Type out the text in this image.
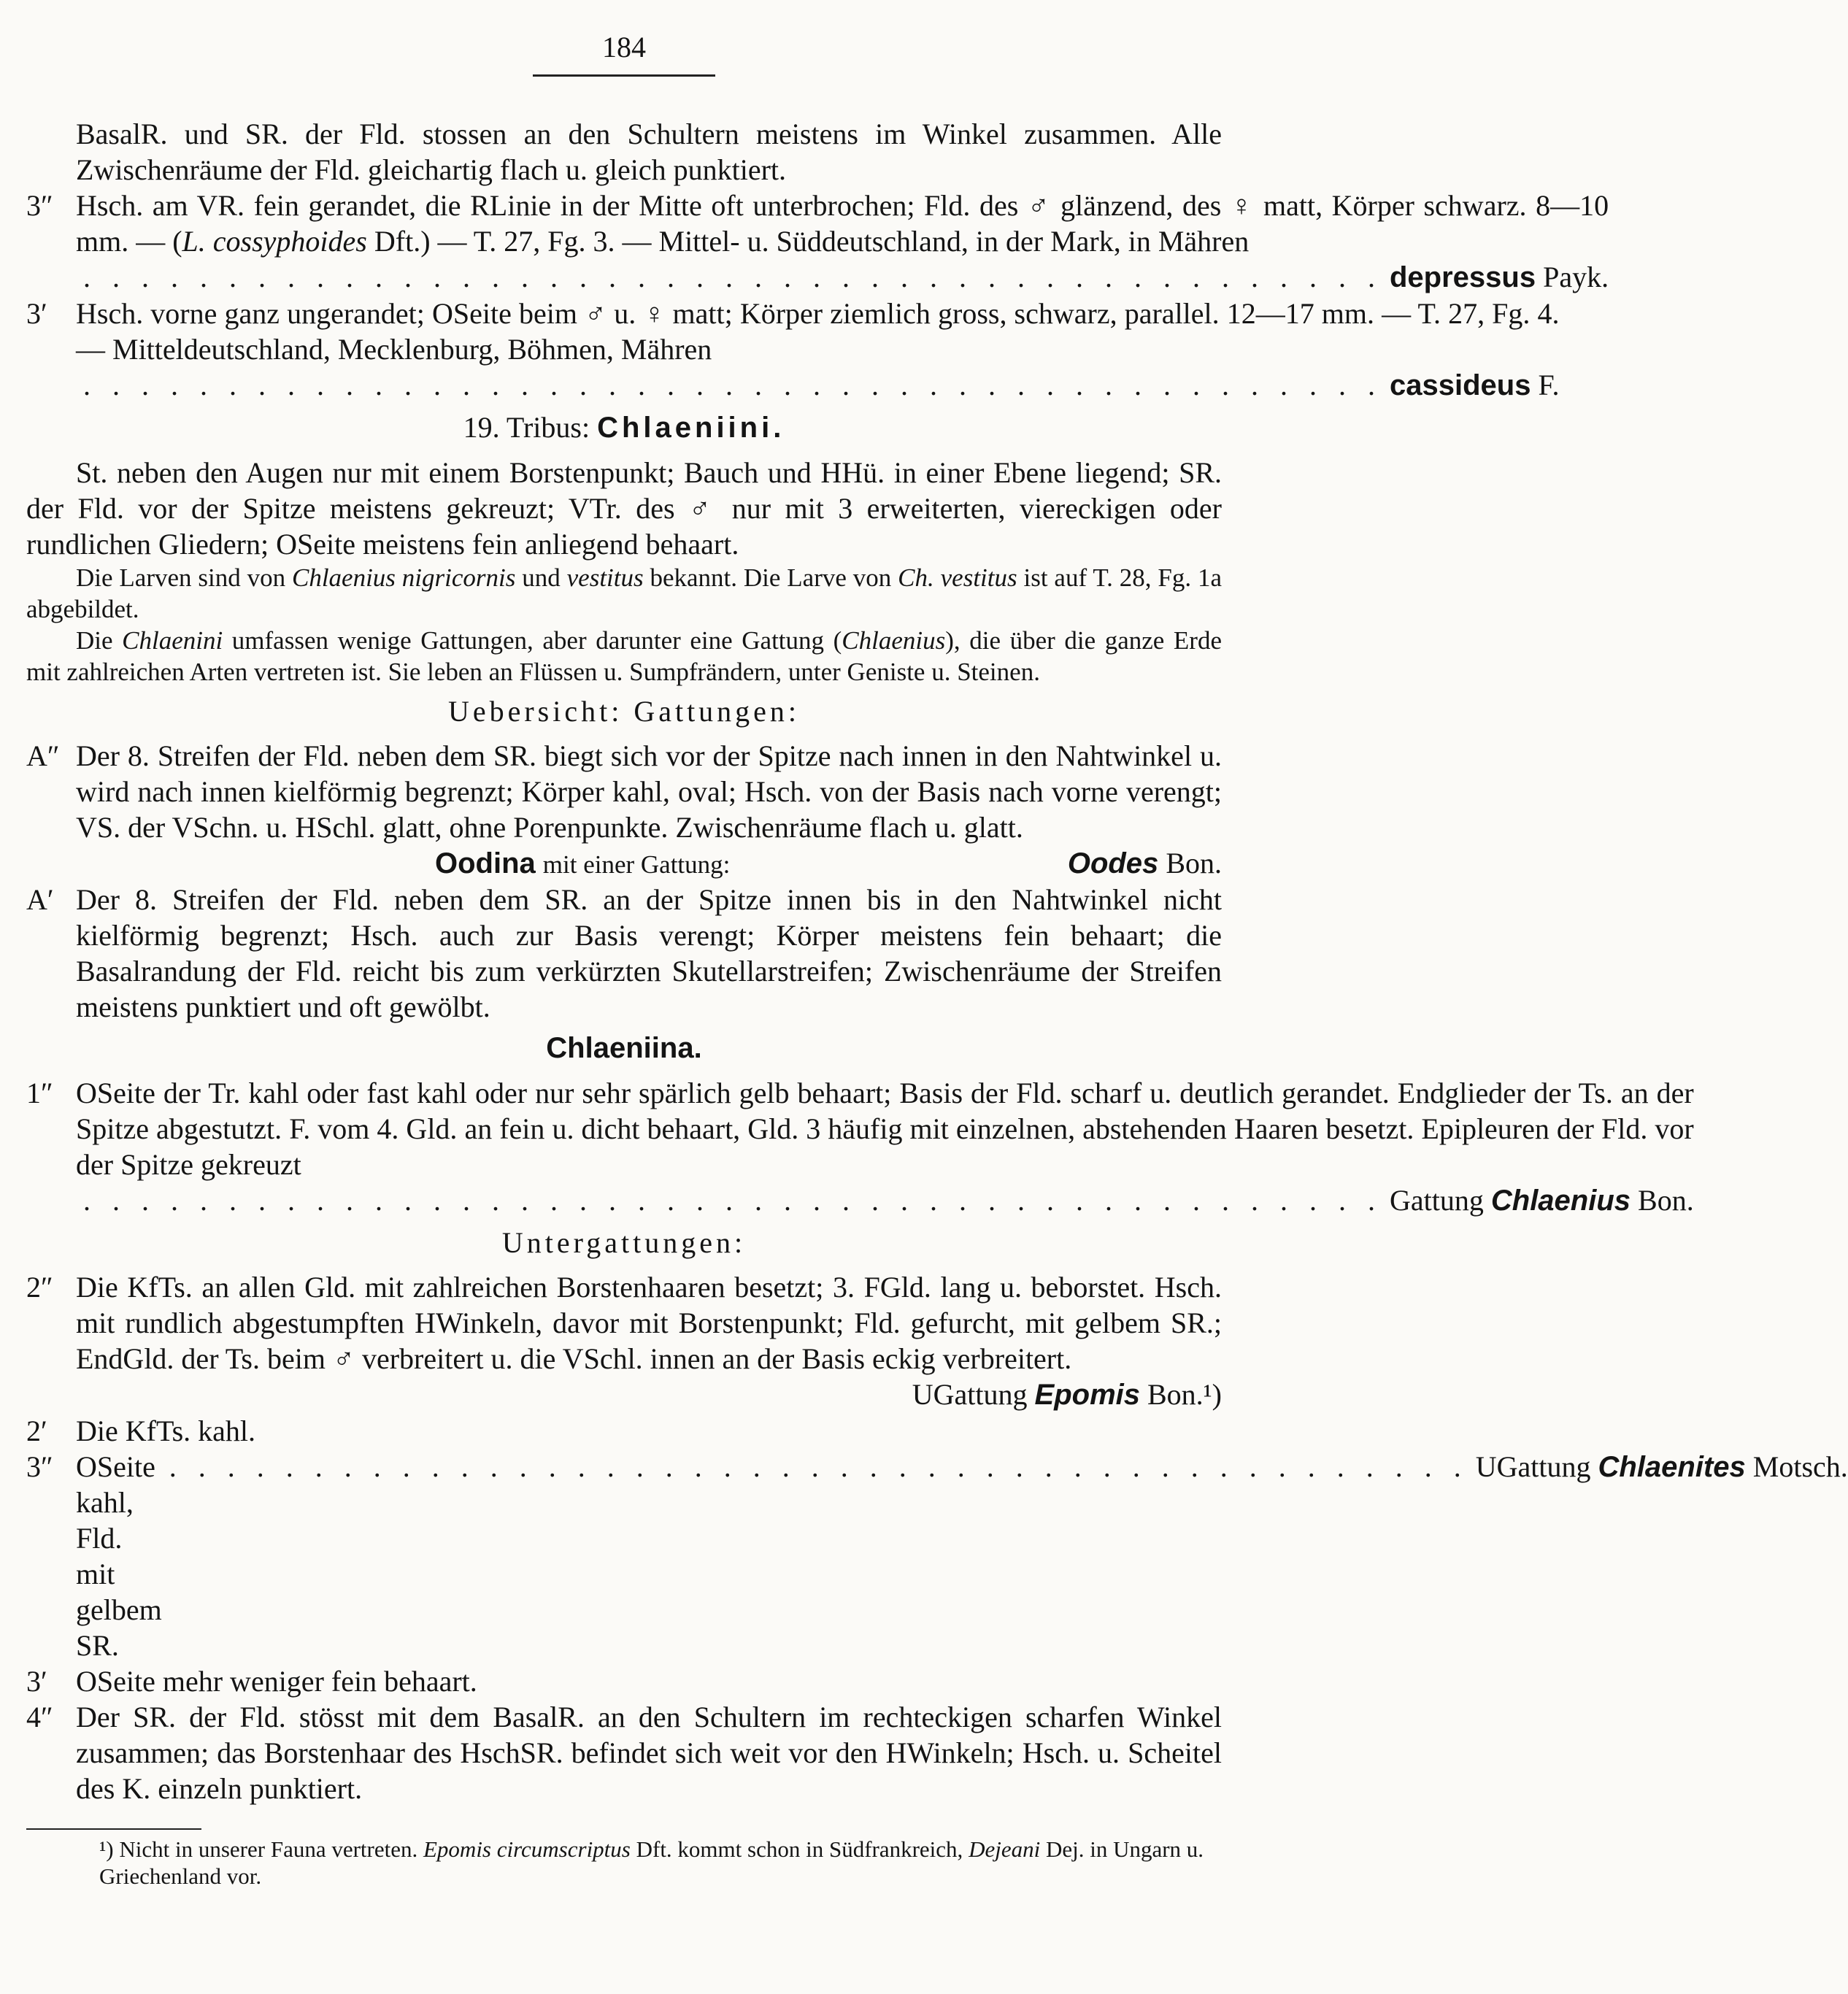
184
BasalR. und SR. der Fld. stossen an den Schultern meistens im Winkel zusammen. Alle Zwischenräume der Fld. gleichartig flach u. gleich punktiert.
3″ Hsch. am VR. fein gerandet, die RLinie in der Mitte oft unterbrochen; Fld. des ♂ glänzend, des ♀ matt, Körper schwarz. 8—10 mm. — (L. cossyphoides Dft.) — T. 27, Fg. 3. — Mittel- u. Süddeutschland, in der Mark, in Mähren
. . . . . . . . . . . . . . . . . . . . . . . . . . . . . . . . . . . . . . . . . . . . . depressus
Payk.
3′ Hsch. vorne ganz ungerandet; OSeite beim ♂ u. ♀ matt; Körper ziemlich gross, schwarz, parallel. 12—17 mm. — T. 27, Fg. 4. — Mitteldeutschland, Mecklenburg, Böhmen, Mähren
. . . . . . . . . . . . . . . . . . . . . . . . . . . . . . . . . . . . . . . . . . . . . cassideus
F.
19. Tribus: Chlaeniini.
St. neben den Augen nur mit einem Borstenpunkt; Bauch und HHü. in einer Ebene liegend; SR. der Fld. vor der Spitze meistens gekreuzt; VTr. des ♂ nur mit 3 erweiterten, viereckigen oder rundlichen Gliedern; OSeite meistens fein anliegend behaart.
Die Larven sind von Chlaenius nigricornis und vestitus bekannt. Die Larve von Ch. vestitus ist auf T. 28, Fg. 1a abgebildet.
Die Chlaenini umfassen wenige Gattungen, aber darunter eine Gattung (Chlaenius), die über die ganze Erde mit zahlreichen Arten vertreten ist. Sie leben an Flüssen u. Sumpfrändern, unter Geniste u. Steinen.
Uebersicht: Gattungen:
A″ Der 8. Streifen der Fld. neben dem SR. biegt sich vor der Spitze nach innen in den Nahtwinkel u. wird nach innen kielförmig begrenzt; Körper kahl, oval; Hsch. von der Basis nach vorne verengt; VS. der VSchn. u. HSchl. glatt, ohne Porenpunkte. Zwischenräume flach u. glatt.
Oodina mit einer Gattung:	Oodes Bon.
A′ Der 8. Streifen der Fld. neben dem SR. an der Spitze innen bis in den Nahtwinkel nicht kielförmig begrenzt; Hsch. auch zur Basis verengt; Körper meistens fein behaart; die Basalrandung der Fld. reicht bis zum verkürzten Skutellarstreifen; Zwischenräume der Streifen meistens punktiert und oft gewölbt.
Chlaeniina.
1″ OSeite der Tr. kahl oder fast kahl oder nur sehr spärlich gelb behaart; Basis der Fld. scharf u. deutlich gerandet. Endglieder der Ts. an der Spitze abgestutzt. F. vom 4. Gld. an fein u. dicht behaart, Gld. 3 häufig mit einzelnen, abstehenden Haaren besetzt. Epipleuren der Fld. vor der Spitze gekreuzt
. . . . . . . . . . . . . . . . . . . . . . . . . . . . . . . . . . . . . . . . . . . . . Gattung
Chlaenius
Bon.
Untergattungen:
2″ Die KfTs. an allen Gld. mit zahlreichen Borstenhaaren besetzt; 3. FGld. lang u. beborstet. Hsch. mit rundlich abgestumpften HWinkeln, davor mit Borstenpunkt; Fld. gefurcht, mit gelbem SR.; EndGld. der Ts. beim ♂ verbreitert u. die VSchl. innen an der Basis eckig verbreitert.
UGattung Epomis Bon.¹)
2′ Die KfTs. kahl.
3″ OSeite kahl, Fld. mit gelbem SR.
. . . . . . . . . . . . . . . . . . . . . . . . . . . . . . . . . . . . . . . . . . . . . UGattung
Chlaenites
Motsch.
3′ OSeite mehr weniger fein behaart.
4″ Der SR. der Fld. stösst mit dem BasalR. an den Schultern im rechteckigen scharfen Winkel zusammen; das Borstenhaar des HschSR. befindet sich weit vor den HWinkeln; Hsch. u. Scheitel des K. einzeln punktiert.
¹) Nicht in unserer Fauna vertreten. Epomis circumscriptus Dft. kommt schon in Südfrankreich, Dejeani Dej. in Ungarn u. Griechenland vor.
